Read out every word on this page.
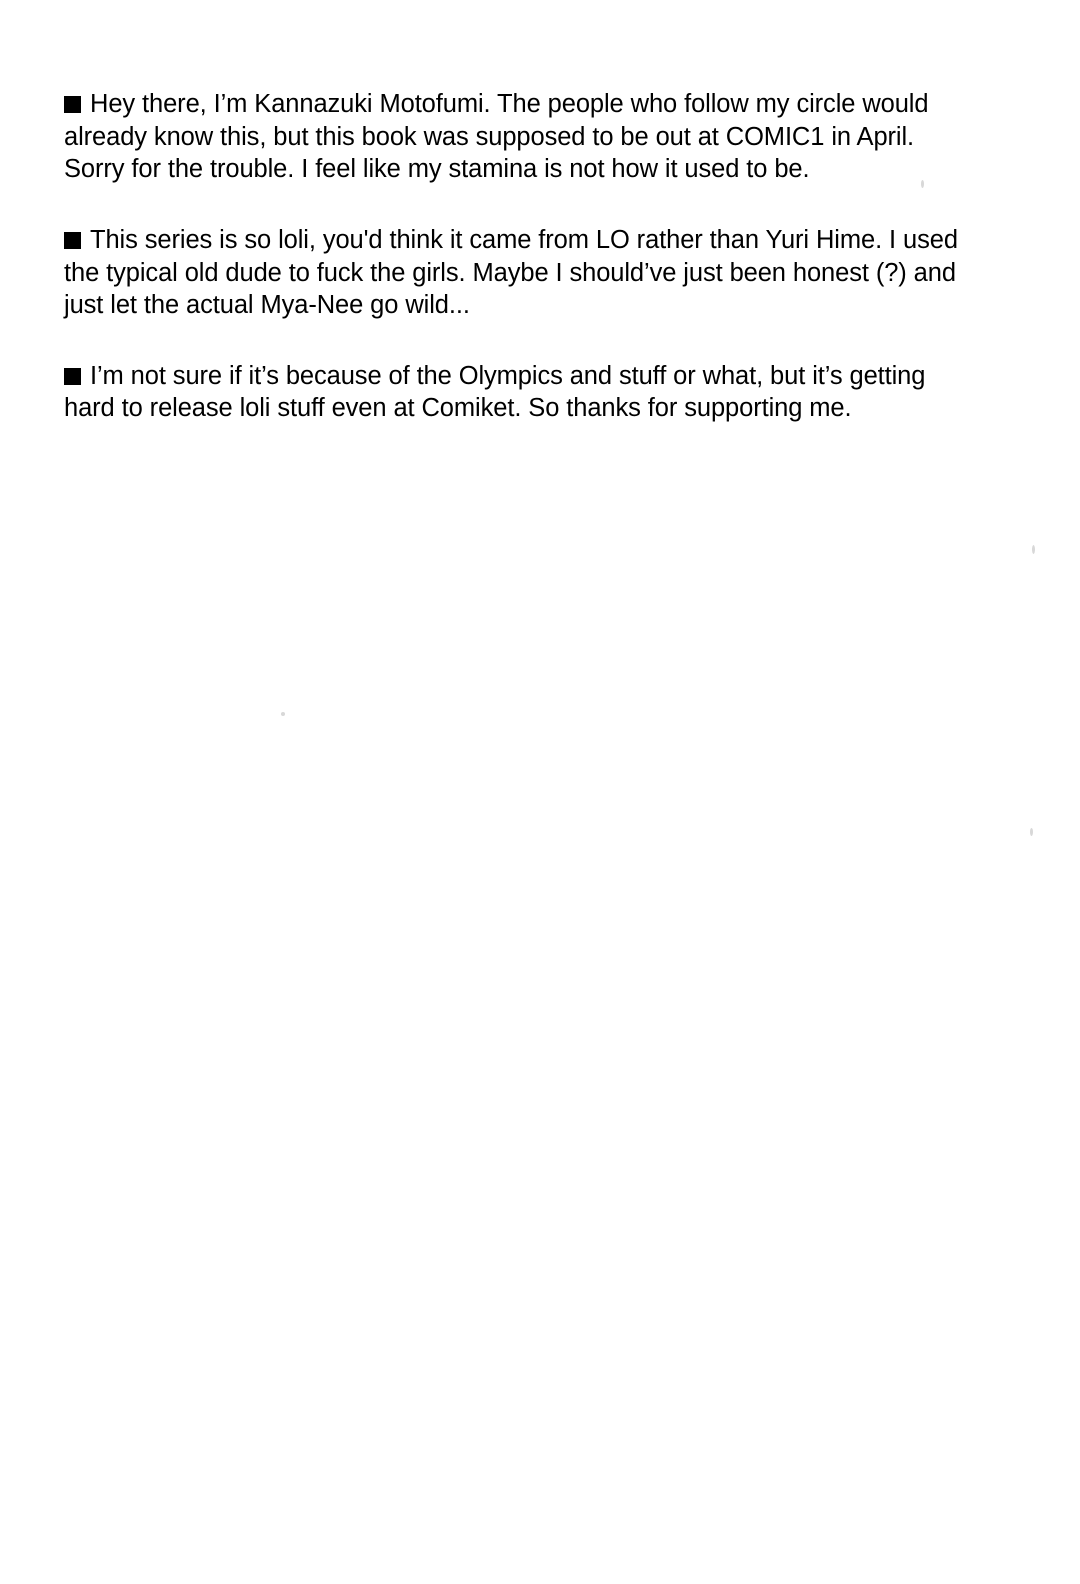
Hey there, I’m Kannazuki Motofumi. The people who follow my circle would already know this, but this book was supposed to be out at COMIC1 in April. Sorry for the trouble. I feel like my stamina is not how it used to be.

This series is so loli, you'd think it came from LO rather than Yuri Hime. I used the typical old dude to fuck the girls. Maybe I should’ve just been honest (?) and just let the actual Mya-Nee go wild...

I’m not sure if it’s because of the Olympics and stuff or what, but it’s getting hard to release loli stuff even at Comiket. So thanks for supporting me.
